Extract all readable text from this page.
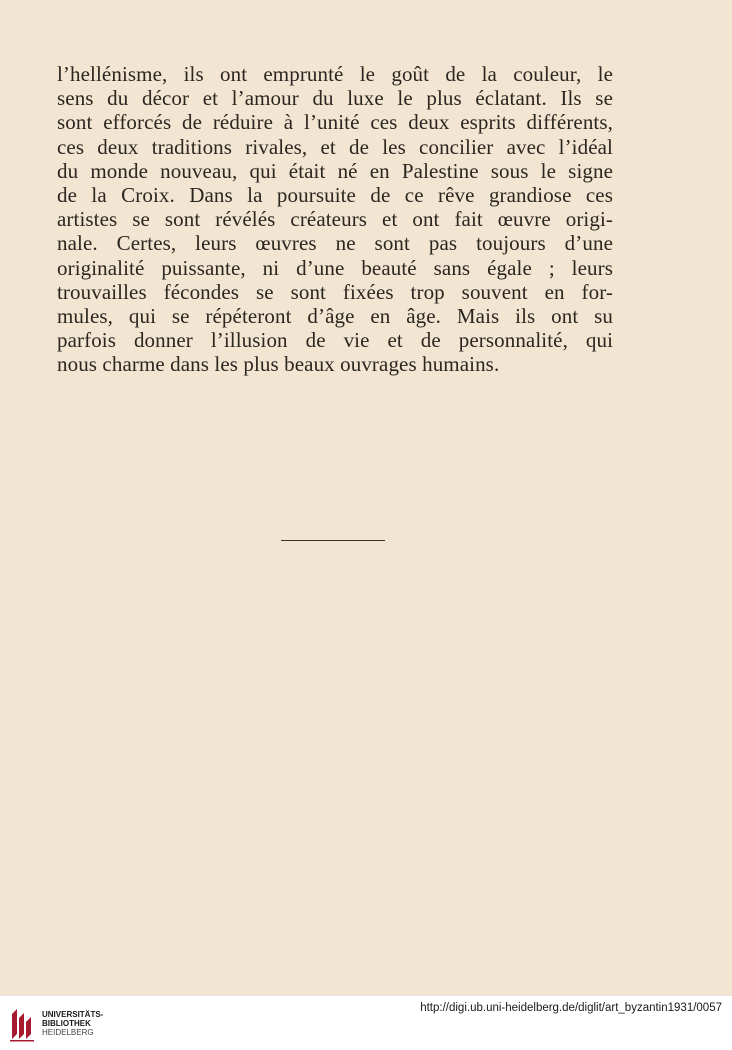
l’hellénisme, ils ont emprunté le goût de la couleur, le
sens du décor et l’amour du luxe le plus éclatant. Ils se
sont efforcés de réduire à l’unité ces deux esprits différents,
ces deux traditions rivales, et de les concilier avec l’idéal
du monde nouveau, qui était né en Palestine sous le signe
de la Croix. Dans la poursuite de ce rêve grandiose ces
artistes se sont révélés créateurs et ont fait œuvre origi-
nale. Certes, leurs œuvres ne sont pas toujours d’une
originalité puissante, ni d’une beauté sans égale ; leurs
trouvailles fécondes se sont fixées trop souvent en for-
mules, qui se répéteront d’âge en âge. Mais ils ont su
parfois donner l’illusion de vie et de personnalité, qui
nous charme dans les plus beaux ouvrages humains.
UNIVERSITÄTS-
BIBLIOTHEK
HEIDELBERG
http://digi.ub.uni-heidelberg.de/diglit/art_byzantin1931/0057
